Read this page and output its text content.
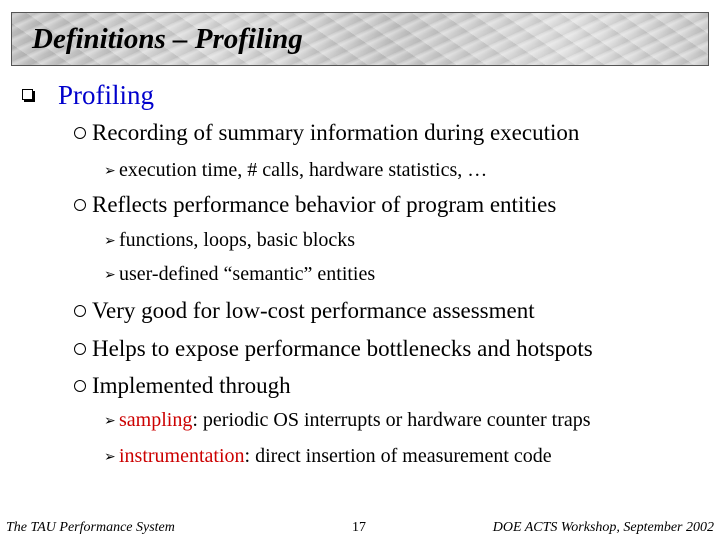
Definitions – Profiling
Profiling
Recording of summary information during execution
➢ execution time, # calls, hardware statistics, …
Reflects performance behavior of program entities
➢ functions, loops, basic blocks
➢ user-defined “semantic” entities
Very good for low-cost performance assessment
Helps to expose performance bottlenecks and hotspots
Implemented through
➢ sampling: periodic OS interrupts or hardware counter traps
➢ instrumentation: direct insertion of measurement code
The TAU Performance System	17	DOE ACTS Workshop, September 2002
